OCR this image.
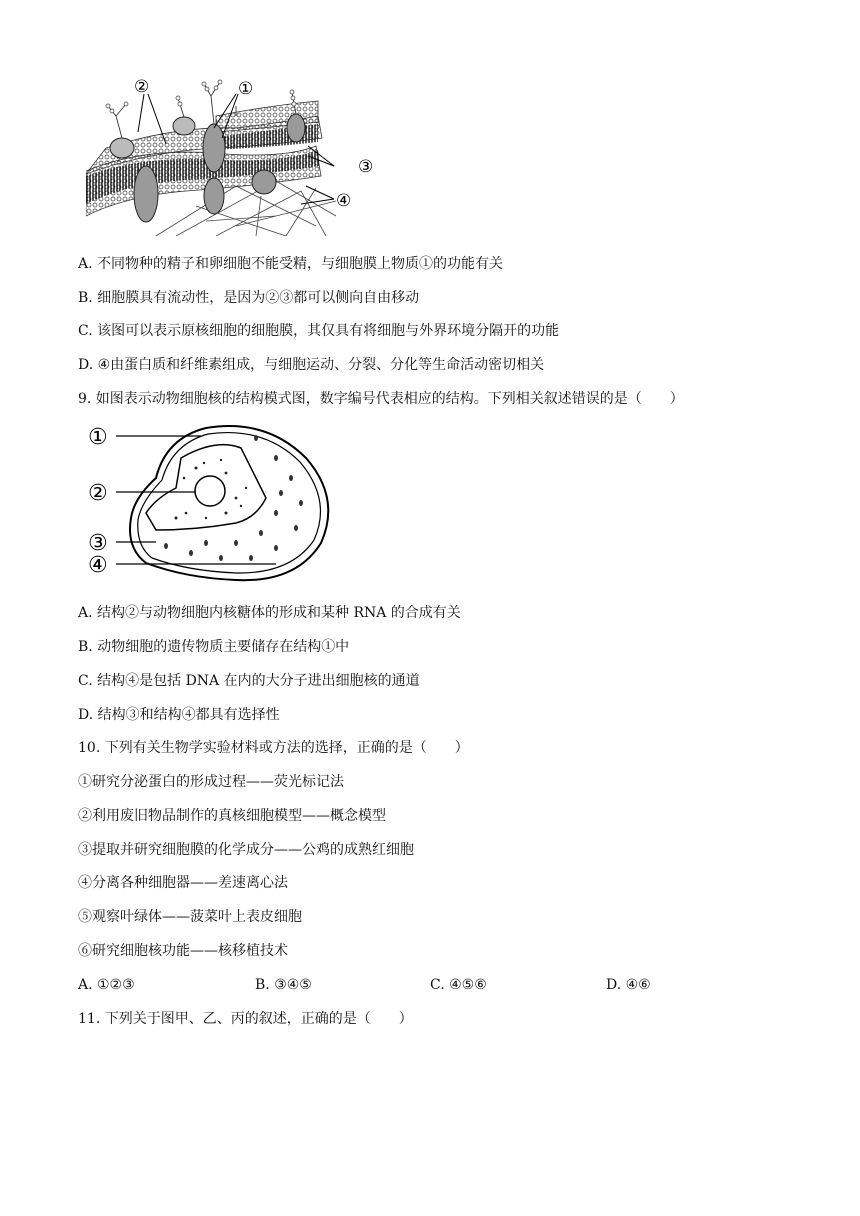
②	①
③
④
A. 不同物种的精子和卵细胞不能受精，与细胞膜上物质①的功能有关
B. 细胞膜具有流动性，是因为②③都可以侧向自由移动
C. 该图可以表示原核细胞的细胞膜，其仅具有将细胞与外界环境分隔开的功能
D. ④由蛋白质和纤维素组成，与细胞运动、分裂、分化等生命活动密切相关
9. 如图表示动物细胞核的结构模式图，数字编号代表相应的结构。下列相关叙述错误的是（　　）
①
②
③
④
A. 结构②与动物细胞内核糖体的形成和某种 RNA 的合成有关
B. 动物细胞的遗传物质主要储存在结构①中
C. 结构④是包括 DNA 在内的大分子进出细胞核的通道
D. 结构③和结构④都具有选择性
10. 下列有关生物学实验材料或方法的选择，正确的是（　　）
①研究分泌蛋白的形成过程——荧光标记法
②利用废旧物品制作的真核细胞模型——概念模型
③提取并研究细胞膜的化学成分——公鸡的成熟红细胞
④分离各种细胞器——差速离心法
⑤观察叶绿体——菠菜叶上表皮细胞
⑥研究细胞核功能——核移植技术
A. ①②③	B. ③④⑤	C. ④⑤⑥	D. ④⑥
11. 下列关于图甲、乙、丙的叙述，正确的是（　　）
